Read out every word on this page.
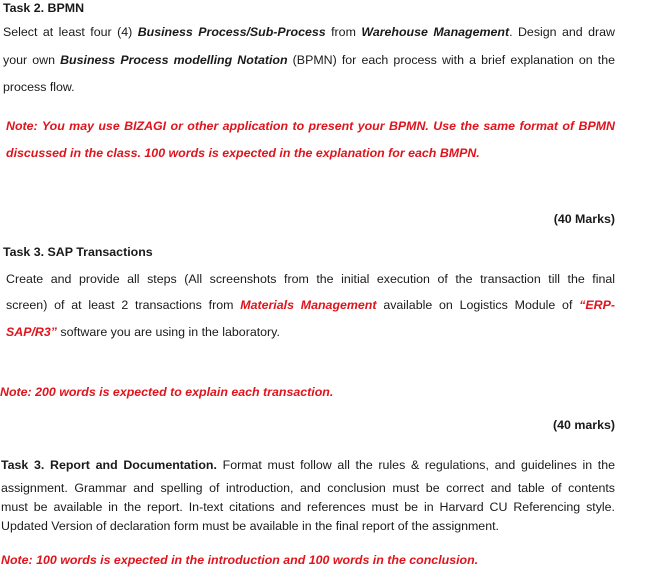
Task 2. BPMN
Select at least four (4) Business Process/Sub-Process from Warehouse Management. Design and draw
your own Business Process modelling Notation (BPMN) for each process with a brief explanation on the
process flow.
Note: You may use BIZAGI or other application to present your BPMN. Use the same format of BPMN
discussed in the class. 100 words is expected in the explanation for each BMPN.
(40 Marks)
Task 3. SAP Transactions
Create and provide all steps (All screenshots from the initial execution of the transaction till the final
screen) of at least 2 transactions from Materials Management available on Logistics Module of “ERP-
SAP/R3” software you are using in the laboratory.
Note: 200 words is expected to explain each transaction.
(40 marks)
Task 3. Report and Documentation. Format must follow all the rules & regulations, and guidelines in the
assignment. Grammar and spelling of introduction, and conclusion must be correct and table of contents
must be available in the report. In-text citations and references must be in Harvard CU Referencing style.
Updated Version of declaration form must be available in the final report of the assignment.
Note: 100 words is expected in the introduction and 100 words in the conclusion.
